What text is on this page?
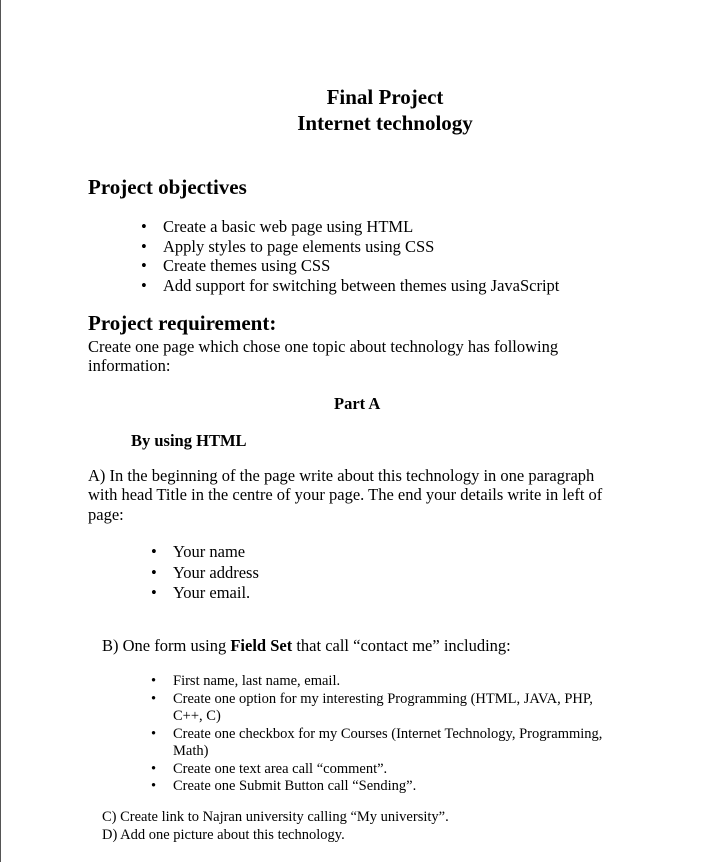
Final Project
Internet technology
Project objectives
• Create a basic web page using HTML
• Apply styles to page elements using CSS
• Create themes using CSS
• Add support for switching between themes using JavaScript
Project requirement:
Create one page which chose one topic about technology has following
information:
Part A
By using HTML
A) In the beginning of the page write about this technology in one paragraph
with head Title in the centre of your page. The end your details write in left of
page:
• Your name
• Your address
• Your email.
B) One form using Field Set that call “contact me” including:
• First name, last name, email.
• Create one option for my interesting Programming (HTML, JAVA, PHP,
C++, C)
• Create one checkbox for my Courses (Internet Technology, Programming,
Math)
• Create one text area call “comment”.
• Create one Submit Button call “Sending”.
C) Create link to Najran university calling “My university”.
D) Add one picture about this technology.
